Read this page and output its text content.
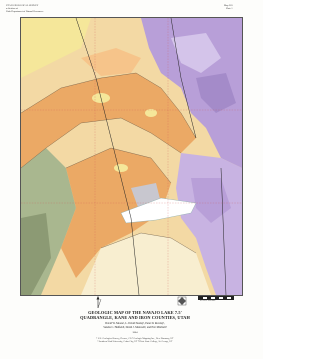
UTAH GEOLOGICAL SURVEY
a division of
Utah Department of Natural Resources
Map 263
Plate 1
SCALE 1:24 000
GEOLOGIC MAP OF THE NAVAJO LAKE 7.5'
QUADRANGLE, KANE AND IRON COUNTIES, UTAH
David W. Moore¹, L. David Nealey¹, Peter D. Rowley²,
Sandra C. Hatfield², David J. Maxwell³, and Eric Mitchell⁴
2004
¹ U.S. Geological Survey, Denver, CO ² Geologic Mapping Inc., New Harmony, UT
³ Southern Utah University, Cedar City, UT ⁴ Dixie State College, St. George, UT
